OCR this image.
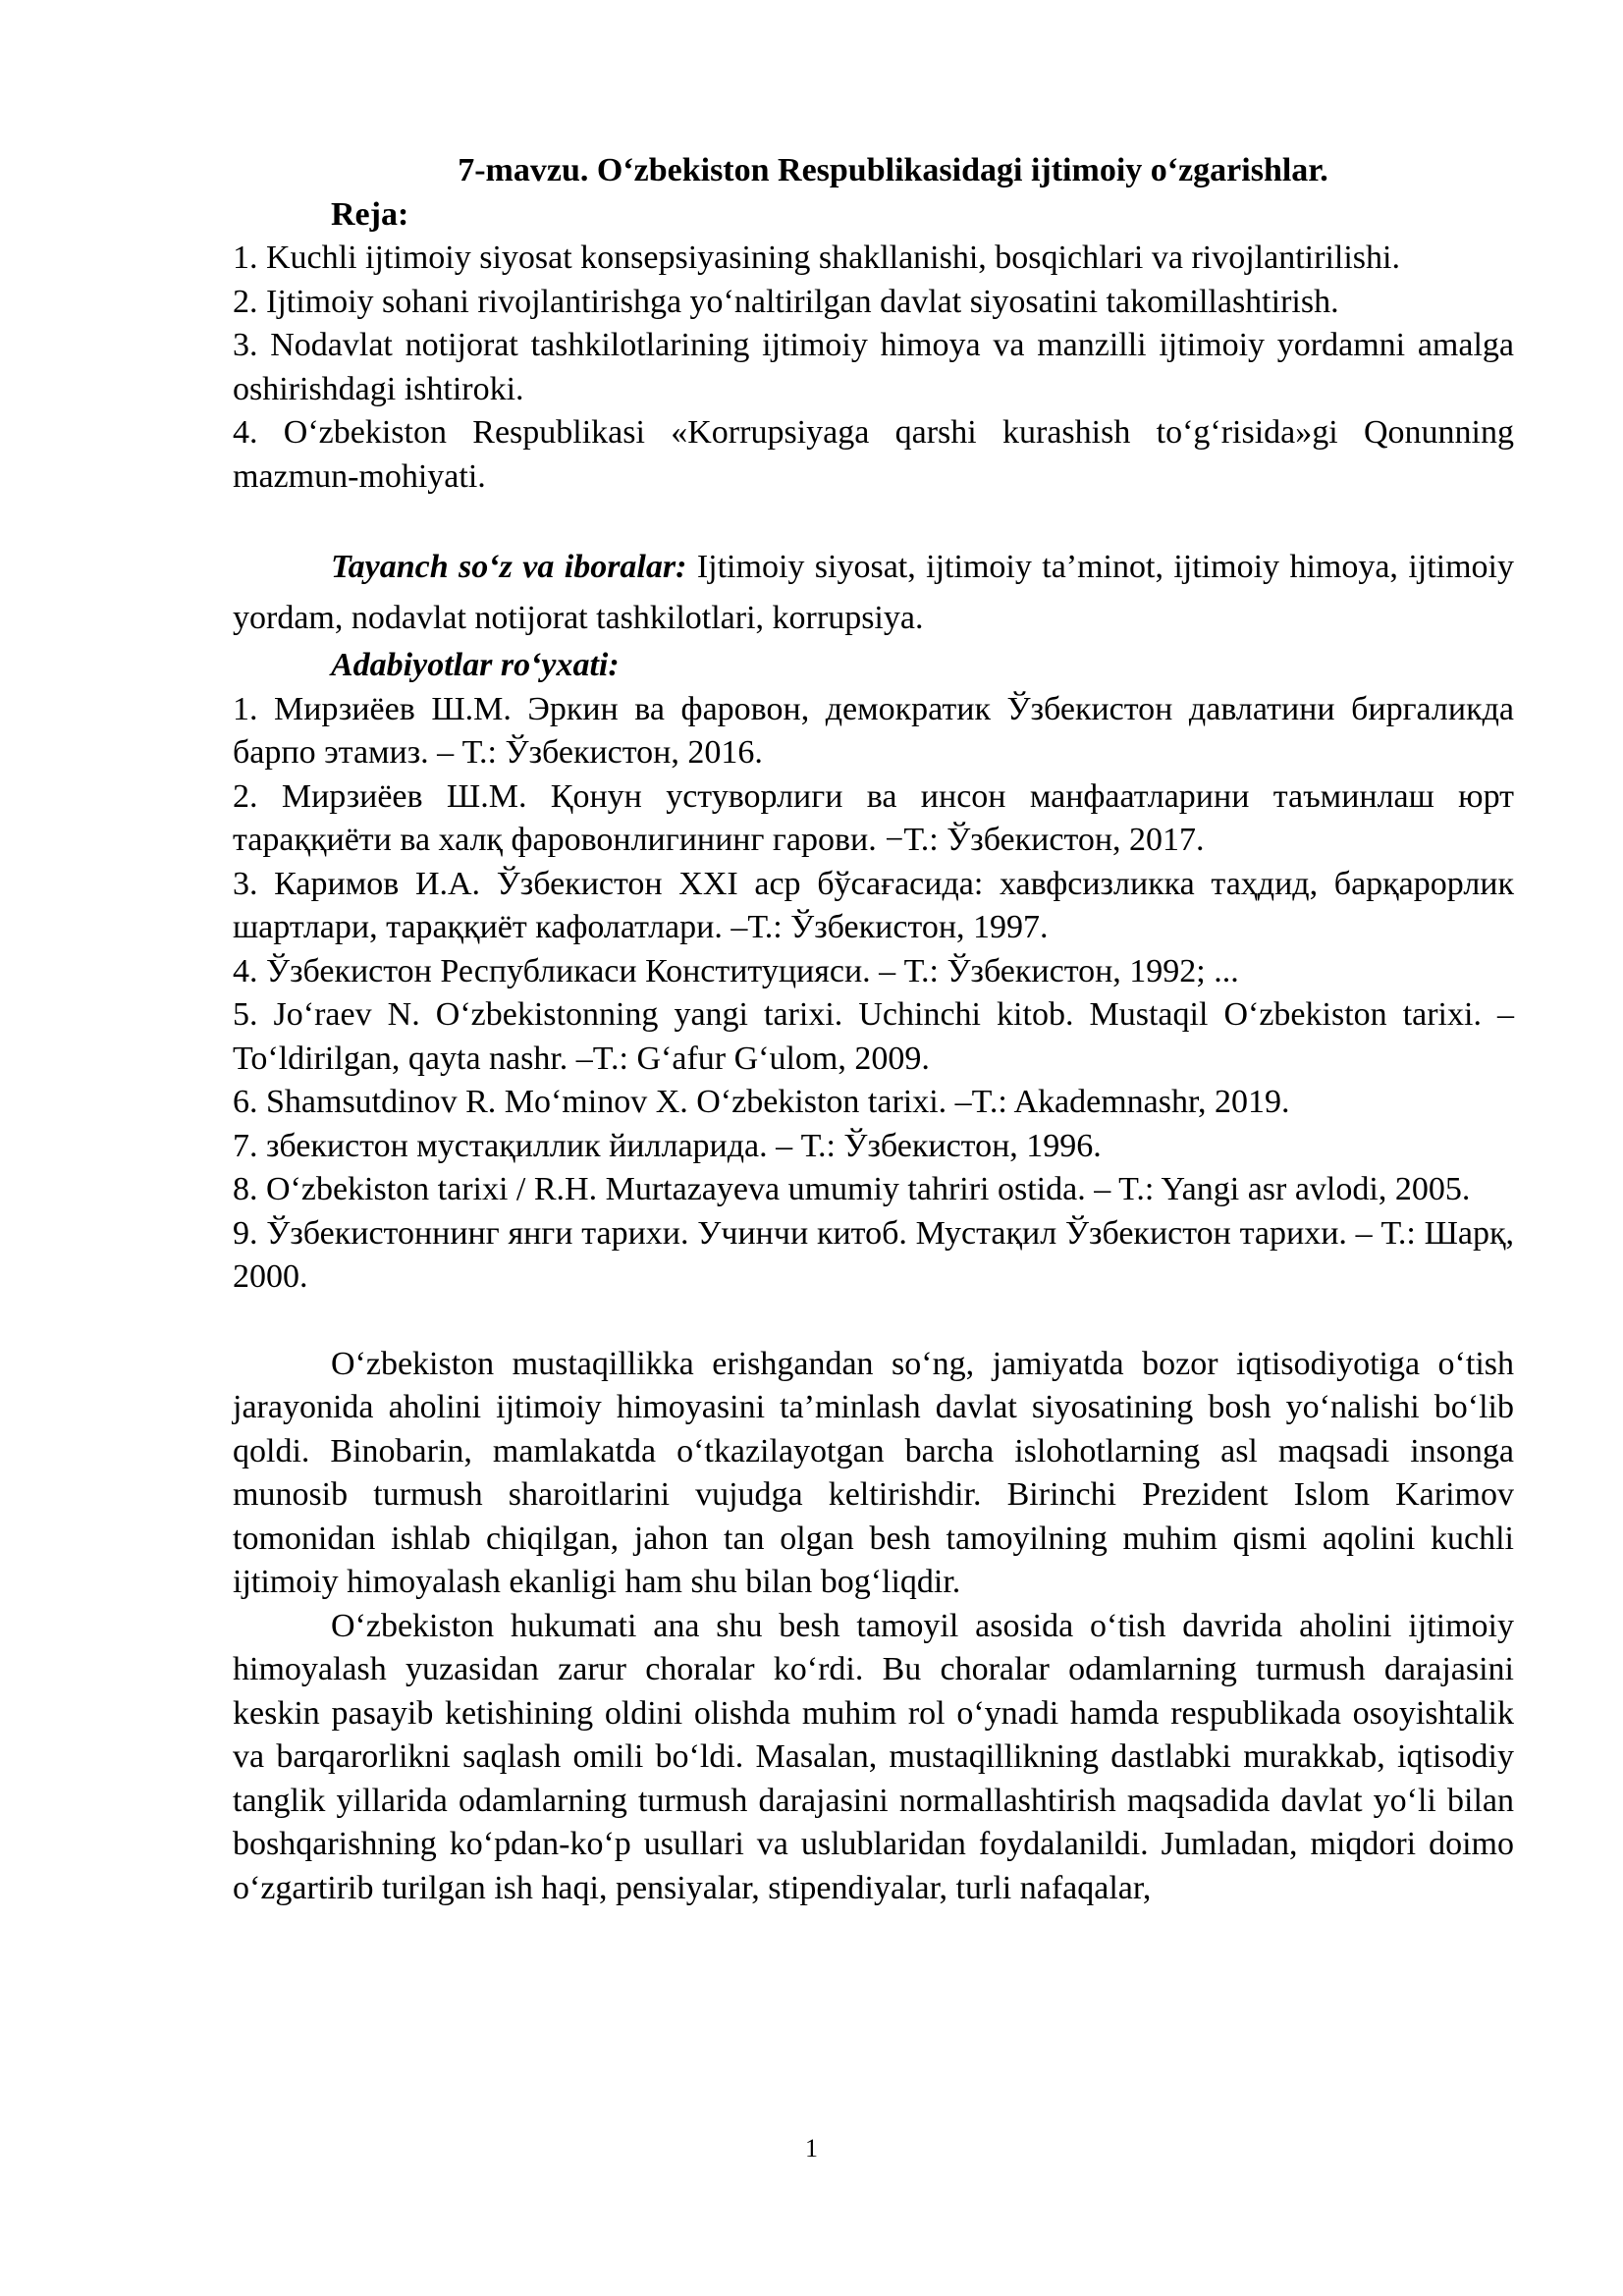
7-mavzu. O‘zbekiston Respublikasidagi ijtimoiy o‘zgarishlar.
Reja:
1. Kuchli ijtimoiy siyosat konsepsiyasining shakllanishi, bosqichlari va rivojlantirilishi.
2. Ijtimoiy sohani rivojlantirishga yo‘naltirilgan davlat siyosatini takomillashtirish.
3. Nodavlat notijorat tashkilotlarining ijtimoiy himoya va manzilli ijtimoiy yordamni amalga oshirishdagi ishtiroki.
4. O‘zbekiston Respublikasi «Korrupsiyaga qarshi kurashish to‘g‘risida»gi Qonunning mazmun-mohiyati.
Tayanch so‘z va iboralar: Ijtimoiy siyosat, ijtimoiy ta’minot, ijtimoiy himoya, ijtimoiy yordam, nodavlat notijorat tashkilotlari, korrupsiya.
Adabiyotlar ro‘yxati:
1. Мирзиёев Ш.М. Эркин ва фаровон, демократик Ўзбекистон давлатини биргаликда барпо этамиз. – Т.: Ўзбекистон, 2016.
2. Мирзиёев Ш.М. Қонун устуворлиги ва инсон манфаатларини таъминлаш юрт тараққиёти ва халқ фаровонлигининг гарови. −Т.: Ўзбекистон, 2017.
3. Каримов И.А. Ўзбекистон XXI аср бўсағасида: хавфсизликка таҳдид, барқарорлик шартлари, тараққиёт кафолатлари. –Т.: Ўзбекистон, 1997.
4. Ўзбекистон Республикаси Конституцияси. – Т.: Ўзбекистон, 1992; ...
5. Jo‘raev N. O‘zbekistonning yangi tarixi. Uchinchi kitob. Mustaqil O‘zbekiston tarixi. – To‘ldirilgan, qayta nashr. –T.: G‘afur G‘ulom, 2009.
6. Shamsutdinov R. Mo‘minov X. O‘zbekiston tarixi. –T.: Akademnashr, 2019.
7. збекистон мустақиллик йилларида. – Т.: Ўзбекистон, 1996.
8. O‘zbekiston tarixi / R.H. Murtazayeva umumiy tahriri ostida. – T.: Yangi asr avlodi, 2005.
9. Ўзбекистоннинг янги тарихи. Учинчи китоб. Мустақил Ўзбекистон тарихи. – Т.: Шарқ, 2000.
O‘zbekiston mustaqillikka erishgandan so‘ng, jamiyatda bozor iqtisodiyotiga o‘tish jarayonida aholini ijtimoiy himoyasini ta’minlash davlat siyosatining bosh yo‘nalishi bo‘lib qoldi. Binobarin, mamlakatda o‘tkazilayotgan barcha islohotlarning asl maqsadi insonga munosib turmush sharoitlarini vujudga keltirishdir. Birinchi Prezident Islom Karimov tomonidan ishlab chiqilgan, jahon tan olgan besh tamoyilning muhim qismi aqolini kuchli ijtimoiy himoyalash ekanligi ham shu bilan bog‘liqdir.
O‘zbekiston hukumati ana shu besh tamoyil asosida o‘tish davrida aholini ijtimoiy himoyalash yuzasidan zarur choralar ko‘rdi. Bu choralar odamlarning turmush darajasini keskin pasayib ketishining oldini olishda muhim rol o‘ynadi hamda respublikada osoyishtalik va barqarorlikni saqlash omili bo‘ldi. Masalan, mustaqillikning dastlabki murakkab, iqtisodiy tanglik yillarida odamlarning turmush darajasini normallashtirish maqsadida davlat yo‘li bilan boshqarishning ko‘pdan-ko‘p usullari va uslublaridan foydalanildi. Jumladan, miqdori doimo o‘zgartirib turilgan ish haqi, pensiyalar, stipendiyalar, turli nafaqalar,
1
